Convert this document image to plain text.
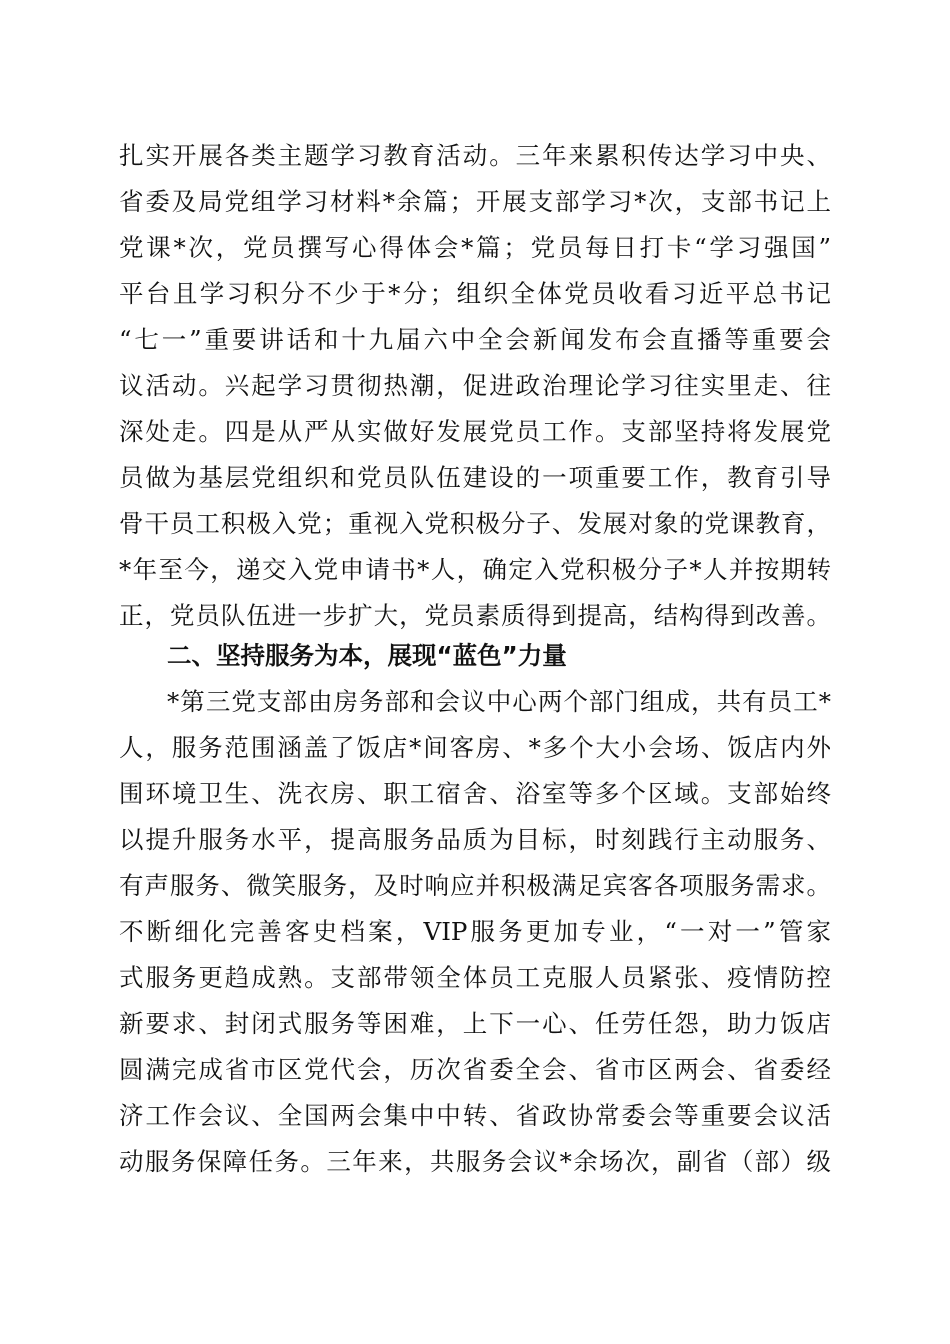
扎实开展各类主题学习教育活动。三年来累积传达学习中央、
省委及局党组学习材料*余篇；开展支部学习*次，支部书记上
党课*次，党员撰写心得体会*篇；党员每日打卡“学习强国”
平台且学习积分不少于*分；组织全体党员收看习近平总书记
“七一”重要讲话和十九届六中全会新闻发布会直播等重要会
议活动。兴起学习贯彻热潮，促进政治理论学习往实里走、往
深处走。四是从严从实做好发展党员工作。支部坚持将发展党
员做为基层党组织和党员队伍建设的一项重要工作，教育引导
骨干员工积极入党；重视入党积极分子、发展对象的党课教育，
*年至今，递交入党申请书*人，确定入党积极分子*人并按期转
正，党员队伍进一步扩大，党员素质得到提高，结构得到改善。
二、坚持服务为本，展现“蓝色”力量
*第三党支部由房务部和会议中心两个部门组成，共有员工*
人，服务范围涵盖了饭店*间客房、*多个大小会场、饭店内外
围环境卫生、洗衣房、职工宿舍、浴室等多个区域。支部始终
以提升服务水平，提高服务品质为目标，时刻践行主动服务、
有声服务、微笑服务，及时响应并积极满足宾客各项服务需求。
不断细化完善客史档案，VIP服务更加专业，“一对一”管家
式服务更趋成熟。支部带领全体员工克服人员紧张、疫情防控
新要求、封闭式服务等困难，上下一心、任劳任怨，助力饭店
圆满完成省市区党代会，历次省委全会、省市区两会、省委经
济工作会议、全国两会集中中转、省政协常委会等重要会议活
动服务保障任务。三年来，共服务会议*余场次，副省（部）级
